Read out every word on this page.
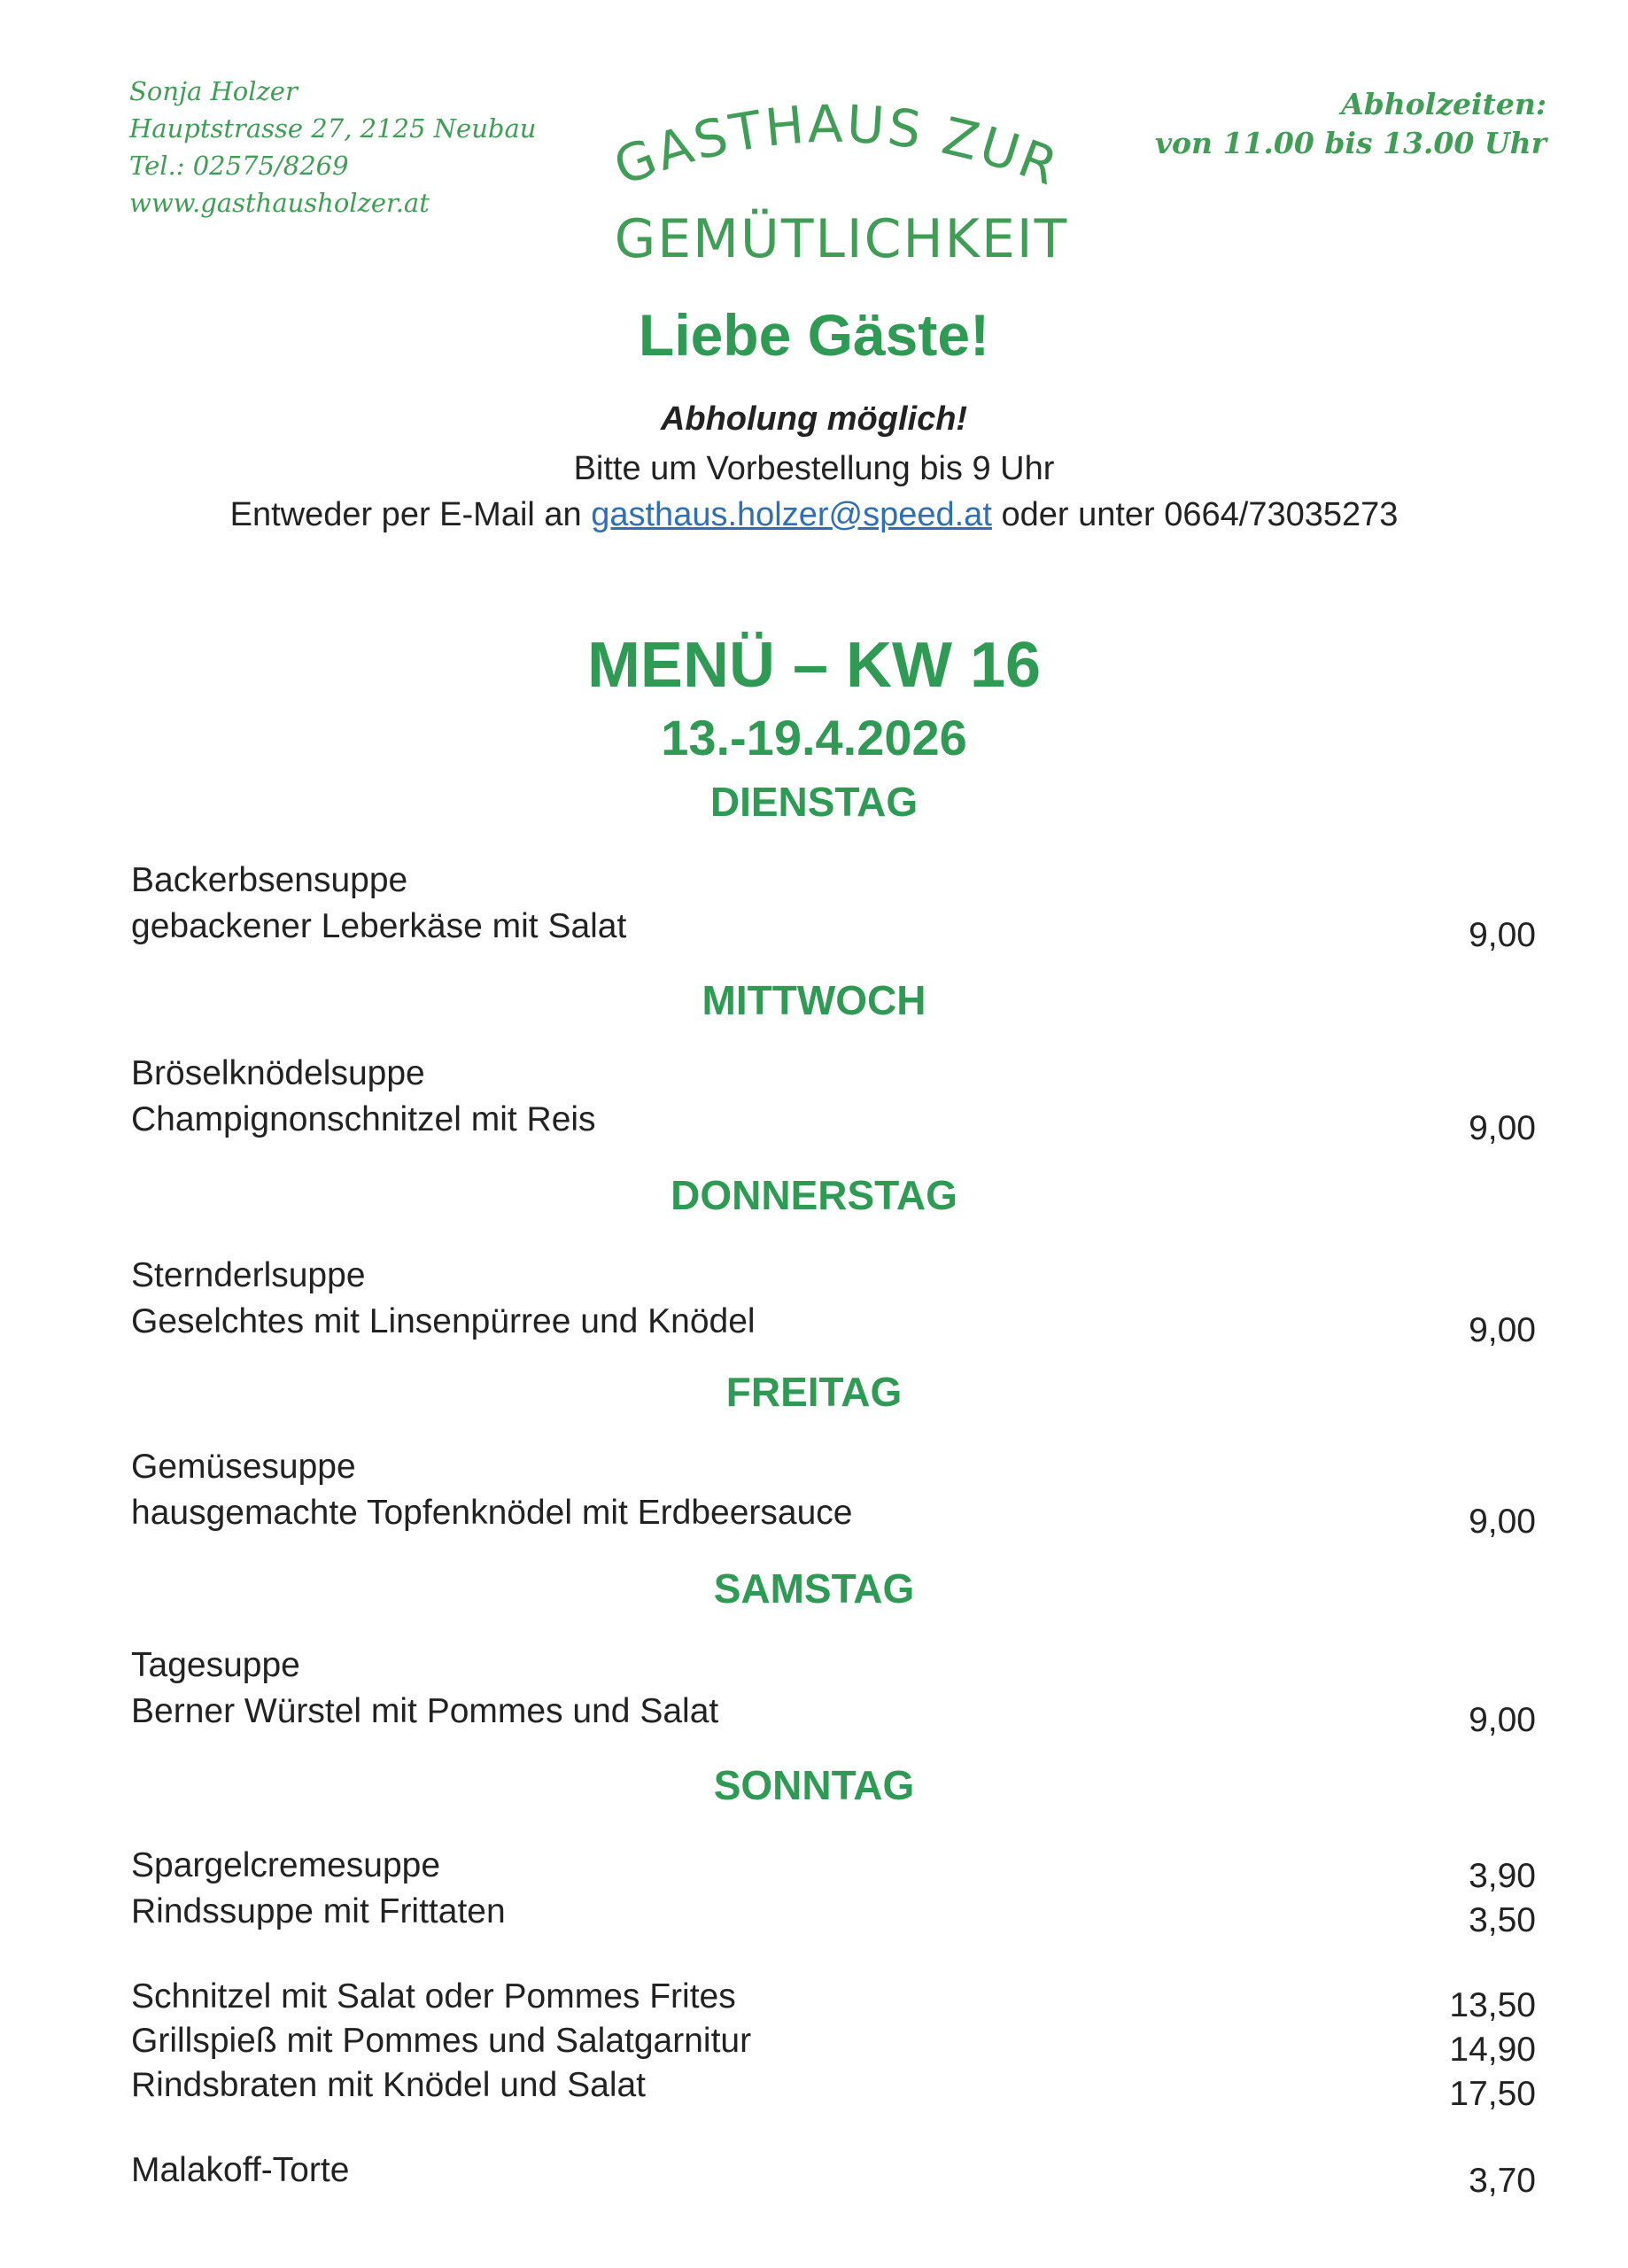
Sonja Holzer
Hauptstrasse 27, 2125 Neubau
Tel.: 02575/8269
www.gasthausholzer.at
GASTHAUS ZUR
GEMÜTLICHKEIT
Abholzeiten:
von 11.00 bis 13.00 Uhr
Liebe Gäste!
Abholung möglich!
Bitte um Vorbestellung bis 9 Uhr
Entweder per E-Mail an gasthaus.holzer@speed.at oder unter 0664/73035273
MENÜ – KW 16
13.-19.4.2026
DIENSTAG
Backerbsensuppe
gebackener Leberkäse mit Salat	9,00
MITTWOCH
Bröselknödelsuppe
Champignonschnitzel mit Reis	9,00
DONNERSTAG
Sternderlsuppe
Geselchtes mit Linsenpürree und Knödel	9,00
FREITAG
Gemüsesuppe
hausgemachte Topfenknödel mit Erdbeersauce	9,00
SAMSTAG
Tagesuppe
Berner Würstel mit Pommes und Salat	9,00
SONNTAG
Spargelcremesuppe	3,90
Rindssuppe mit Frittaten	3,50
Schnitzel mit Salat oder Pommes Frites	13,50
Grillspieß mit Pommes und Salatgarnitur	14,90
Rindsbraten mit Knödel und Salat	17,50
Malakoff-Torte	3,70
